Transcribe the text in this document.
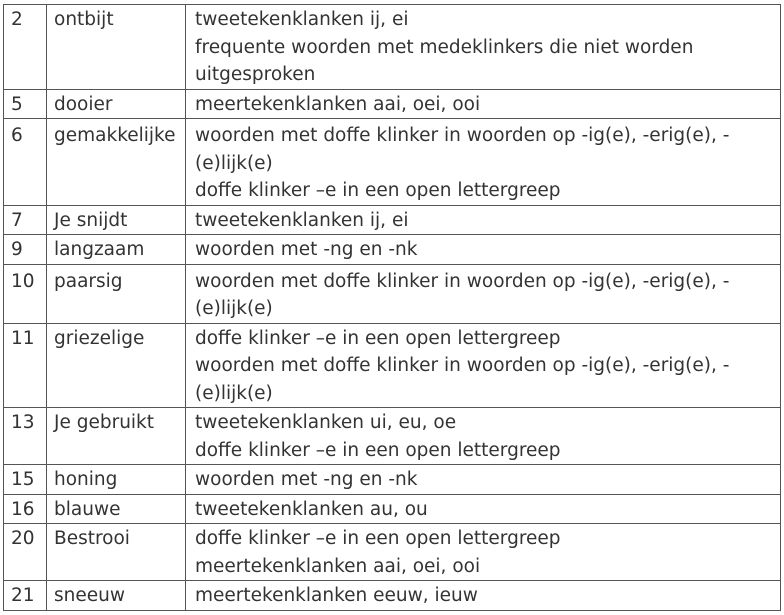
2	ontbijt	tweetekenklanken ij, ei
frequente woorden met medeklinkers die niet worden uitgesproken

5	dooier	meertekenklanken aai, oei, ooi

6	gemakkelijke	woorden met doffe klinker in woorden op -ig(e), -erig(e), -(e)lijk(e)
doffe klinker –e in een open lettergreep

7	Je snijdt	tweetekenklanken ij, ei

9	langzaam	woorden met -ng en -nk

10	paarsig	woorden met doffe klinker in woorden op -ig(e), -erig(e), -(e)lijk(e)

11	griezelige	doffe klinker –e in een open lettergreep
woorden met doffe klinker in woorden op -ig(e), -erig(e), -(e)lijk(e)

13	Je gebruikt	tweetekenklanken ui, eu, oe
doffe klinker –e in een open lettergreep

15	honing	woorden met -ng en -nk

16	blauwe	tweetekenklanken au, ou

20	Bestrooi	doffe klinker –e in een open lettergreep
meertekenklanken aai, oei, ooi

21	sneeuw	meertekenklanken eeuw, ieuw
